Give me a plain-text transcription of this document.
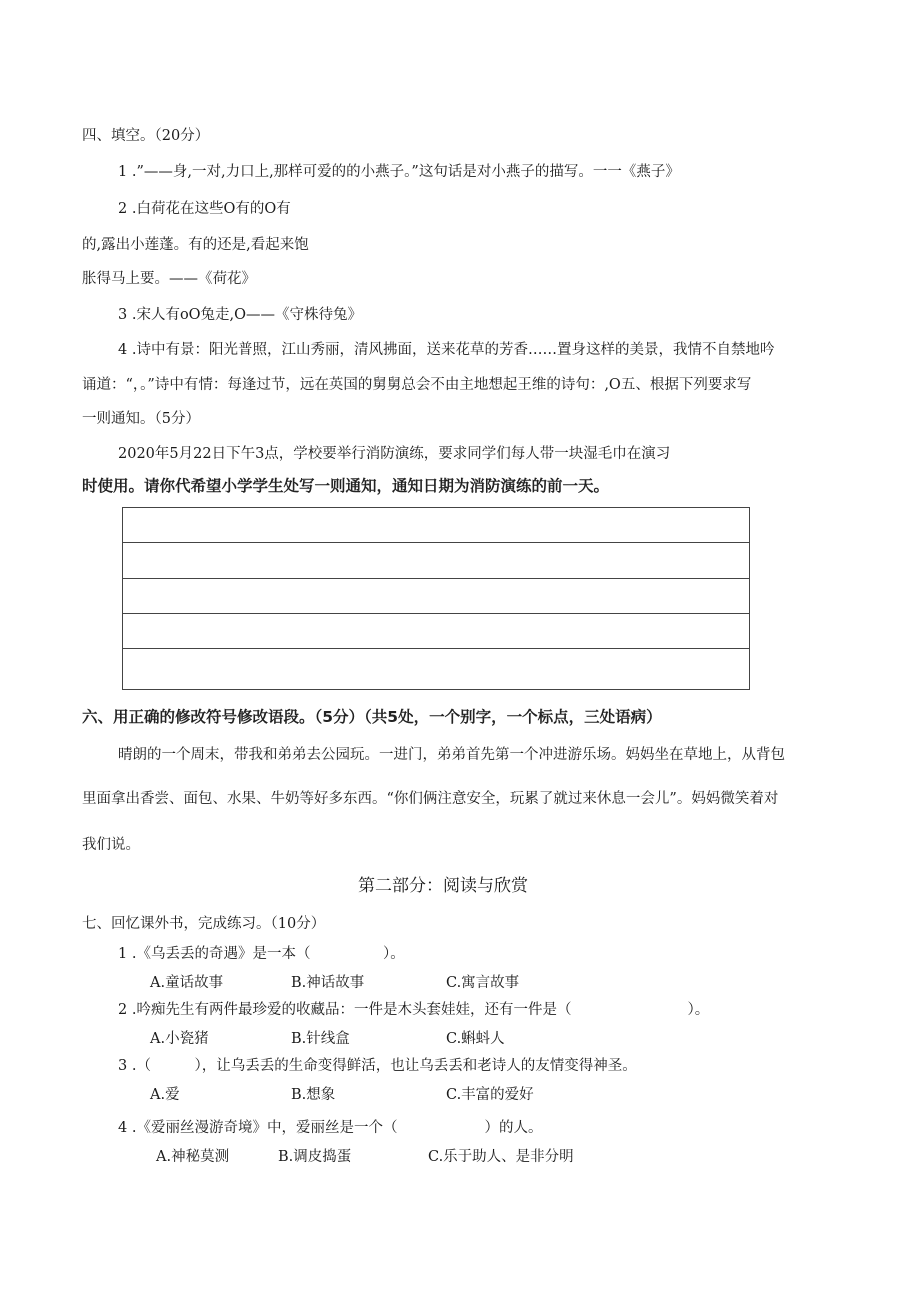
四、填空。（20分）
1 .”——身,一对,力口上,那样可爱的的小燕子。”这句话是对小燕子的描写。一一《燕子》
2 .白荷花在这些O有的O有
的,露出小莲蓬。有的还是,看起来饱
胀得马上要。——《荷花》
3 .宋人有oO兔走,O——《守株待兔》
4 .诗中有景：阳光普照，江山秀丽，清风拂面，送来花草的芳香……置身这样的美景，我情不自禁地吟
诵道：“，。”诗中有情：每逢过节，远在英国的舅舅总会不由主地想起王维的诗句：,O五、根据下列要求写
一则通知。（5分）
2020年5月22日下午3点，学校要举行消防演练，要求同学们每人带一块湿毛巾在演习
时使用。请你代希望小学学生处写一则通知，通知日期为消防演练的前一天。
六、用正确的修改符号修改语段。（5分）（共5处，一个别字，一个标点，三处语病）
晴朗的一个周末，带我和弟弟去公园玩。一进门，弟弟首先第一个冲进游乐场。妈妈坐在草地上，从背包
里面拿出香尝、面包、水果、牛奶等好多东西。“你们俩注意安全，玩累了就过来休息一会儿”。妈妈微笑着对
我们说。
第二部分：阅读与欣赏
七、回忆课外书，完成练习。（10分）
1 .《乌丢丢的奇遇》是一本（　　　　　）。
A.童话故事	B.神话故事	C.寓言故事
2 .吟痴先生有两件最珍爱的收藏品：一件是木头套娃娃，还有一件是（　　　　　　　　）。
A.小瓷猪	B.针线盒	C.蝌蚪人
3 .（　　　），让乌丢丢的生命变得鲜活，也让乌丢丢和老诗人的友情变得神圣。
A.爱	B.想象	C.丰富的爱好
4 .《爱丽丝漫游奇境》中，爱丽丝是一个（　　　　　　）的人。
A.神秘莫测	B.调皮捣蛋	C.乐于助人、是非分明
